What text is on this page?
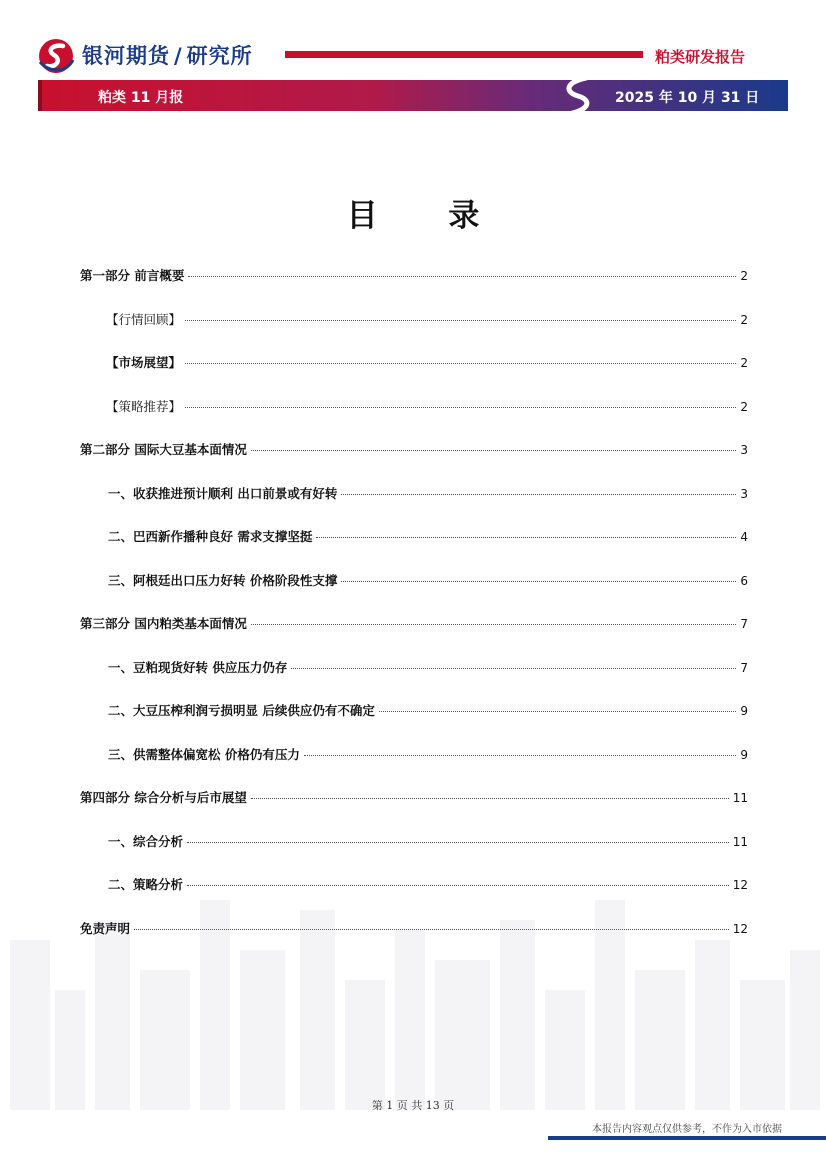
银河期货 / 研究所	粕类研发报告
粕类 11 月报	2025 年 10 月 31 日
目 录
第一部分 前言概要	2
【行情回顾】	2
【市场展望】	2
【策略推荐】	2
第二部分 国际大豆基本面情况	3
一、收获推进预计顺利 出口前景或有好转	3
二、巴西新作播种良好 需求支撑坚挺	4
三、阿根廷出口压力好转 价格阶段性支撑	6
第三部分 国内粕类基本面情况	7
一、豆粕现货好转 供应压力仍存	7
二、大豆压榨利润亏损明显 后续供应仍有不确定	9
三、供需整体偏宽松 价格仍有压力	9
第四部分 综合分析与后市展望	11
一、综合分析	11
二、策略分析	12
免责声明	12
第 1 页 共 13 页
本报告内容观点仅供参考，不作为入市依据
